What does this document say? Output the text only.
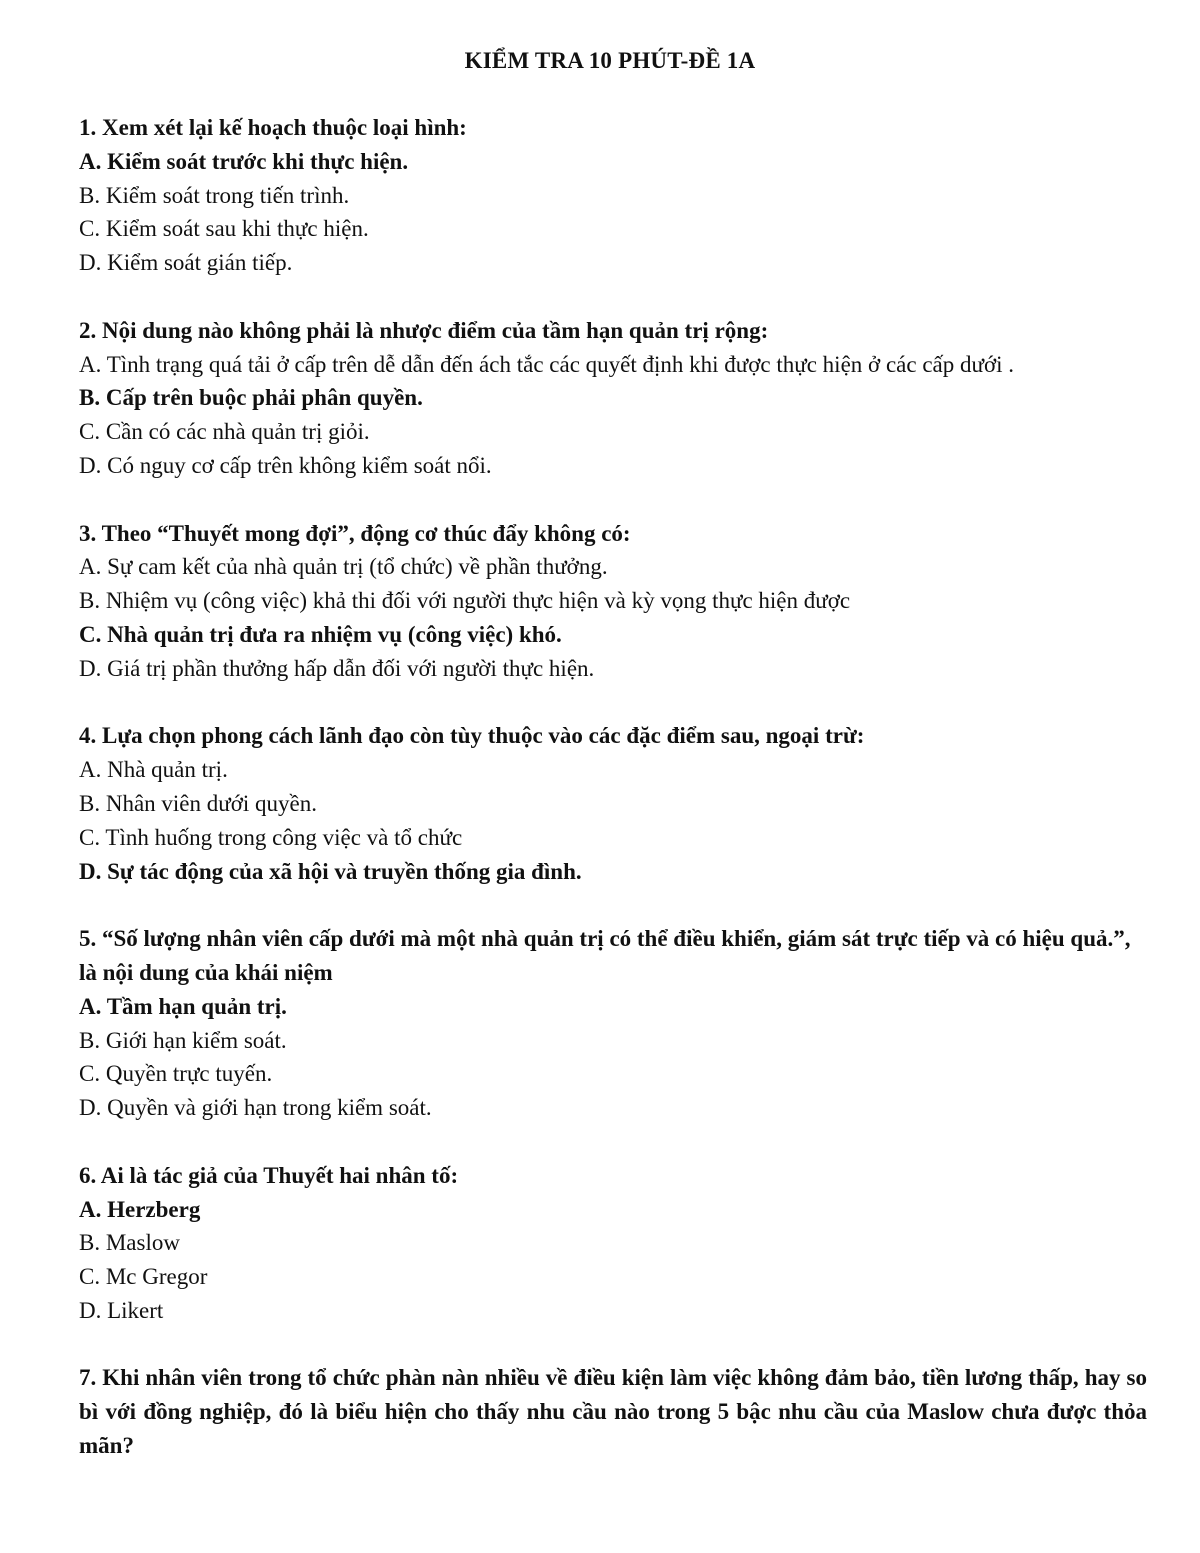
KIỂM TRA 10 PHÚT-ĐỀ 1A

1. Xem xét lại kế hoạch thuộc loại hình:

A. Kiểm soát trước khi thực hiện.

B. Kiểm soát trong tiến trình.

C. Kiểm soát sau khi thực hiện.

D. Kiểm soát gián tiếp.

2. Nội dung nào không phải là nhược điểm của tầm hạn quản trị rộng:

A. Tình trạng quá tải ở cấp trên dễ dẫn đến ách tắc các quyết định khi được thực hiện ở các cấp dưới .

B. Cấp trên buộc phải phân quyền.

C. Cần có các nhà quản trị giỏi.

D. Có nguy cơ cấp trên không kiểm soát nổi.

3. Theo “Thuyết mong đợi”, động cơ thúc đẩy không có:

A. Sự cam kết của nhà quản trị (tổ chức) về phần thưởng.

B. Nhiệm vụ (công việc) khả thi đối với người thực hiện và kỳ vọng thực hiện được

C. Nhà quản trị đưa ra nhiệm vụ (công việc) khó.

D. Giá trị phần thưởng hấp dẫn đối với người thực hiện.

4. Lựa chọn phong cách lãnh đạo còn tùy thuộc vào các đặc điểm sau, ngoại trừ:

A. Nhà quản trị.

B. Nhân viên dưới quyền.

C. Tình huống trong công việc và tổ chức

D. Sự tác động của xã hội và truyền thống gia đình.

5. “Số lượng nhân viên cấp dưới mà một nhà quản trị có thể điều khiển, giám sát trực tiếp và có hiệu quả.”, là nội dung của khái niệm

A. Tầm hạn quản trị.

B. Giới hạn kiểm soát.

C. Quyền trực tuyến.

D. Quyền và giới hạn trong kiểm soát.

6. Ai là tác giả của Thuyết hai nhân tố:

A. Herzberg

B. Maslow

C. Mc Gregor

D. Likert

7. Khi nhân viên trong tổ chức phàn nàn nhiều về điều kiện làm việc không đảm bảo, tiền lương thấp, hay so bì với đồng nghiệp, đó là biểu hiện cho thấy nhu cầu nào trong 5 bậc nhu cầu của Maslow chưa được thỏa mãn?
